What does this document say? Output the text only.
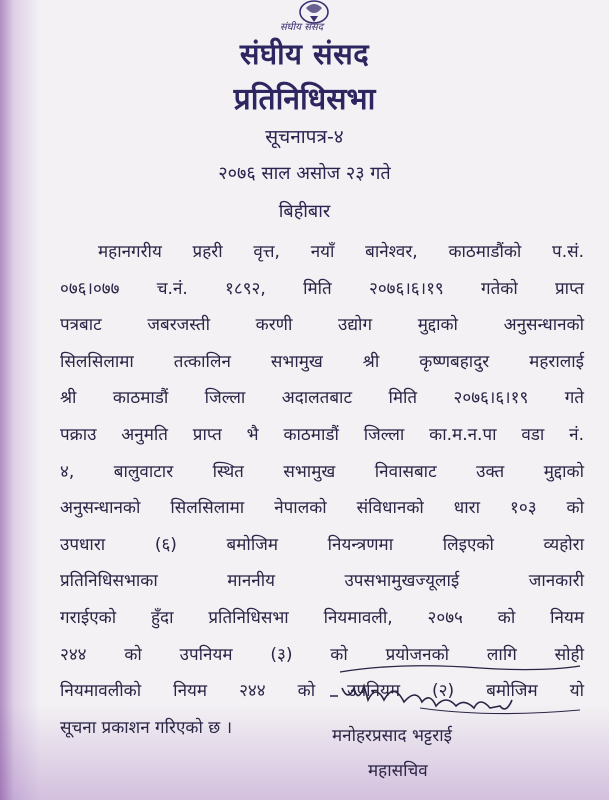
संघीय संसद
संघीय संसद
प्रतिनिधिसभा
सूचनापत्र-४
२०७६ साल असोज २३ गते
बिहीबार
महानगरीय प्रहरी वृत्त, नयाँ बानेश्वर, काठमाडौंको प.सं.
०७६।०७७ च.नं. १८९२, मिति २०७६।६।१९ गतेको प्राप्त
पत्रबाट जबरजस्ती करणी उद्योग मुद्दाको अनुसन्धानको
सिलसिलामा तत्कालिन सभामुख श्री कृष्णबहादुर महरालाई
श्री काठमाडौं जिल्ला अदालतबाट मिति २०७६।६।१९ गते
पक्राउ अनुमति प्राप्त भै काठमाडौं जिल्ला का.म.न.पा वडा नं.
४, बालुवाटार स्थित सभामुख निवासबाट उक्त मुद्दाको
अनुसन्धानको सिलसिलामा नेपालको संविधानको धारा १०३ को
उपधारा (६) बमोजिम नियन्त्रणमा लिइएको व्यहोरा
प्रतिनिधिसभाका माननीय उपसभामुखज्यूलाई जानकारी
गराईएको हुँदा प्रतिनिधिसभा नियमावली, २०७५ को नियम
२४४ को उपनियम (३) को प्रयोजनको लागि सोही
नियमावलीको नियम २४४ को उपनियम (२) बमोजिम यो
सूचना प्रकाशन गरिएको छ ।	मनोहरप्रसाद भट्टराई
महासचिव
